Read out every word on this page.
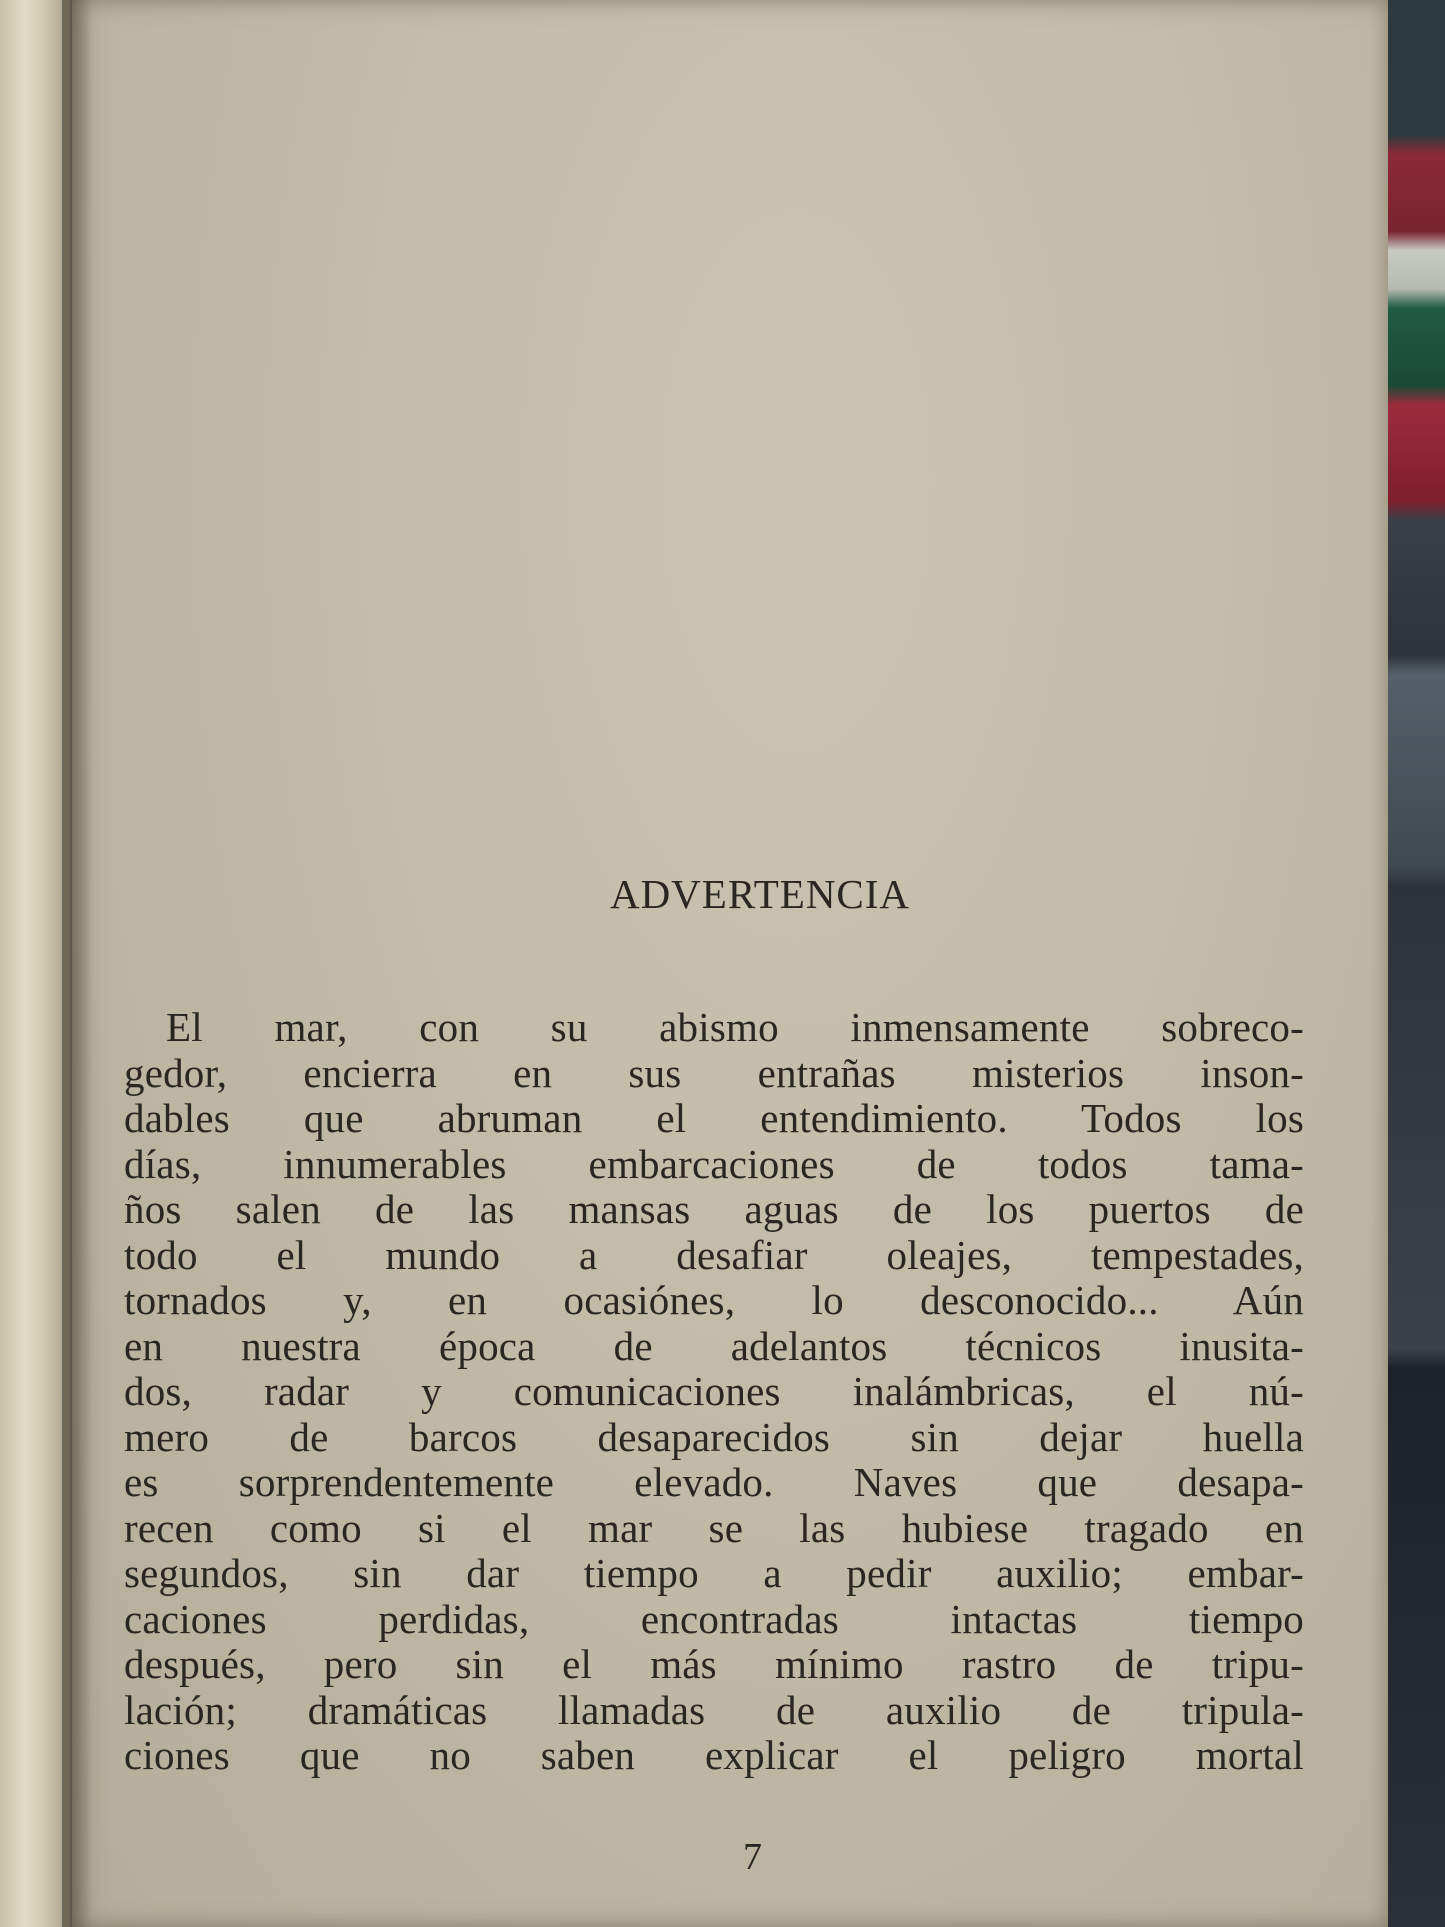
ADVERTENCIA
El mar, con su abismo inmensamente sobreco-
gedor, encierra en sus entrañas misterios inson-
dables que abruman el entendimiento. Todos los
días, innumerables embarcaciones de todos tama-
ños salen de las mansas aguas de los puertos de
todo el mundo a desafiar oleajes, tempestades,
tornados y, en ocasiónes, lo desconocido... Aún
en nuestra época de adelantos técnicos inusita-
dos, radar y comunicaciones inalámbricas, el nú-
mero de barcos desaparecidos sin dejar huella
es sorprendentemente elevado. Naves que desapa-
recen como si el mar se las hubiese tragado en
segundos, sin dar tiempo a pedir auxilio; embar-
caciones perdidas, encontradas intactas tiempo
después, pero sin el más mínimo rastro de tripu-
lación; dramáticas llamadas de auxilio de tripula-
ciones que no saben explicar el peligro mortal
7
